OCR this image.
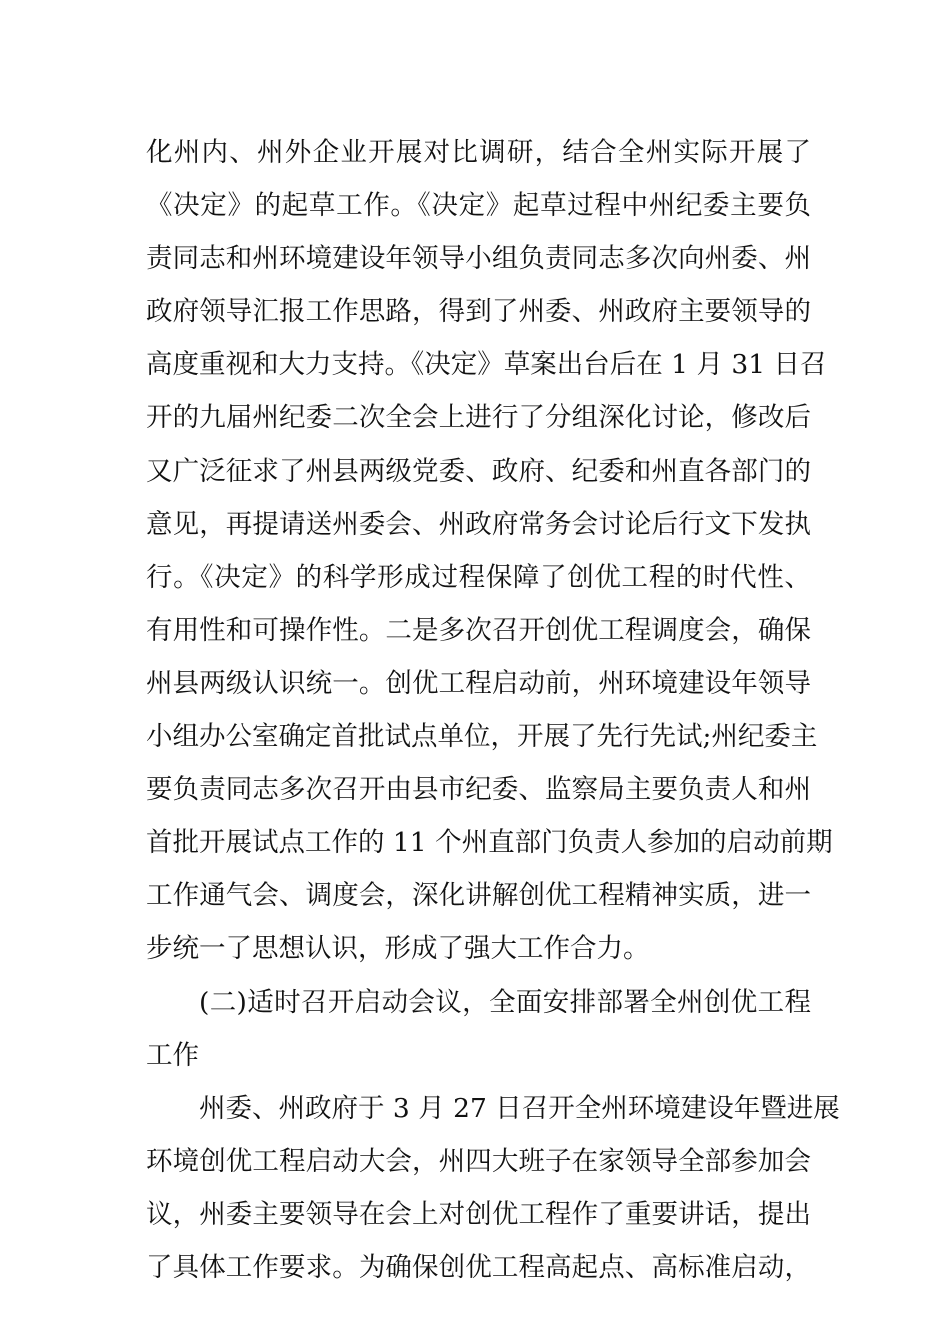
化州内、州外企业开展对比调研，结合全州实际开展了
《决定》的起草工作。《决定》起草过程中州纪委主要负
责同志和州环境建设年领导小组负责同志多次向州委、州
政府领导汇报工作思路，得到了州委、州政府主要领导的
高度重视和大力支持。《决定》草案出台后在 1 月 31 日召
开的九届州纪委二次全会上进行了分组深化讨论，修改后
又广泛征求了州县两级党委、政府、纪委和州直各部门的
意见，再提请送州委会、州政府常务会讨论后行文下发执
行。《决定》的科学形成过程保障了创优工程的时代性、
有用性和可操作性。二是多次召开创优工程调度会，确保
州县两级认识统一。创优工程启动前，州环境建设年领导
小组办公室确定首批试点单位，开展了先行先试;州纪委主
要负责同志多次召开由县市纪委、监察局主要负责人和州
首批开展试点工作的 11 个州直部门负责人参加的启动前期
工作通气会、调度会，深化讲解创优工程精神实质，进一
步统一了思想认识，形成了强大工作合力。
(二)适时召开启动会议，全面安排部署全州创优工程
工作
州委、州政府于 3 月 27 日召开全州环境建设年暨进展
环境创优工程启动大会，州四大班子在家领导全部参加会
议，州委主要领导在会上对创优工程作了重要讲话，提出
了具体工作要求。为确保创优工程高起点、高标准启动，
